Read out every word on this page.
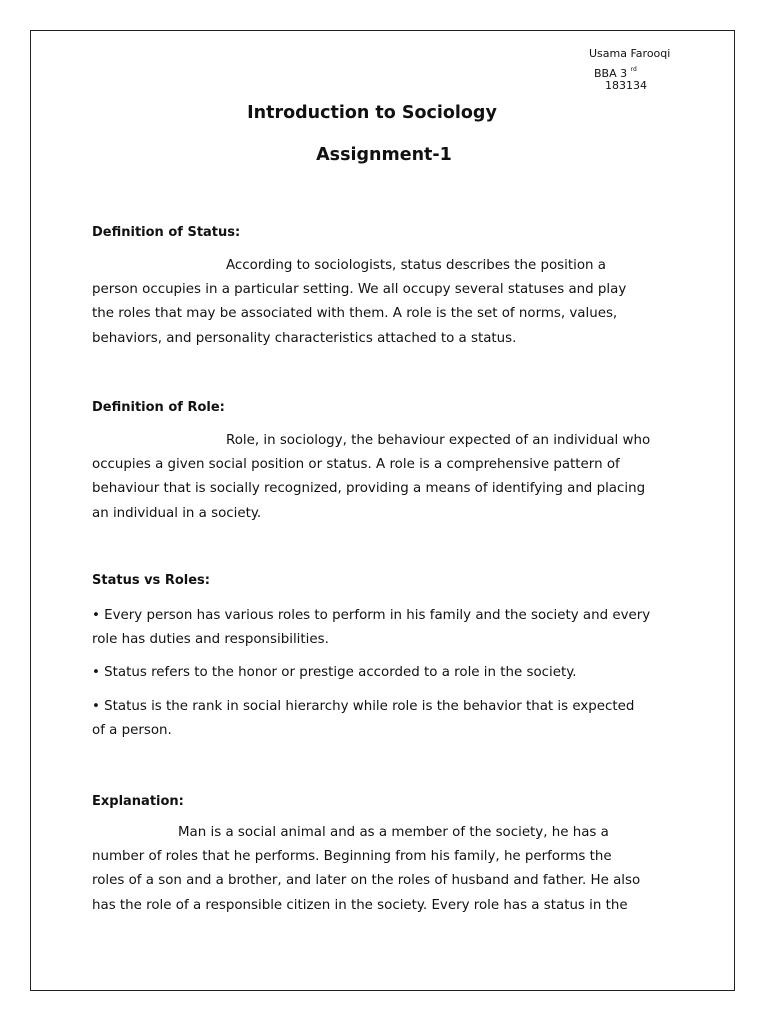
Usama Farooqi
BBA 3 $^{rd}$
183134
Introduction to Sociology
Assignment-1
Definition of Status:

According to sociologists, status describes the position a
person occupies in a particular setting. We all occupy several statuses and play
the roles that may be associated with them. A role is the set of norms, values,
behaviors, and personality characteristics attached to a status.

Definition of Role:

Role, in sociology, the behaviour expected of an individual who
occupies a given social position or status. A role is a comprehensive pattern of
behaviour that is socially recognized, providing a means of identifying and placing
an individual in a society.

Status vs Roles:

• Every person has various roles to perform in his family and the society and every
role has duties and responsibilities.

• Status refers to the honor or prestige accorded to a role in the society.

• Status is the rank in social hierarchy while role is the behavior that is expected
of a person.

Explanation:

Man is a social animal and as a member of the society, he has a
number of roles that he performs. Beginning from his family, he performs the
roles of a son and a brother, and later on the roles of husband and father. He also
has the role of a responsible citizen in the society. Every role has a status in the
